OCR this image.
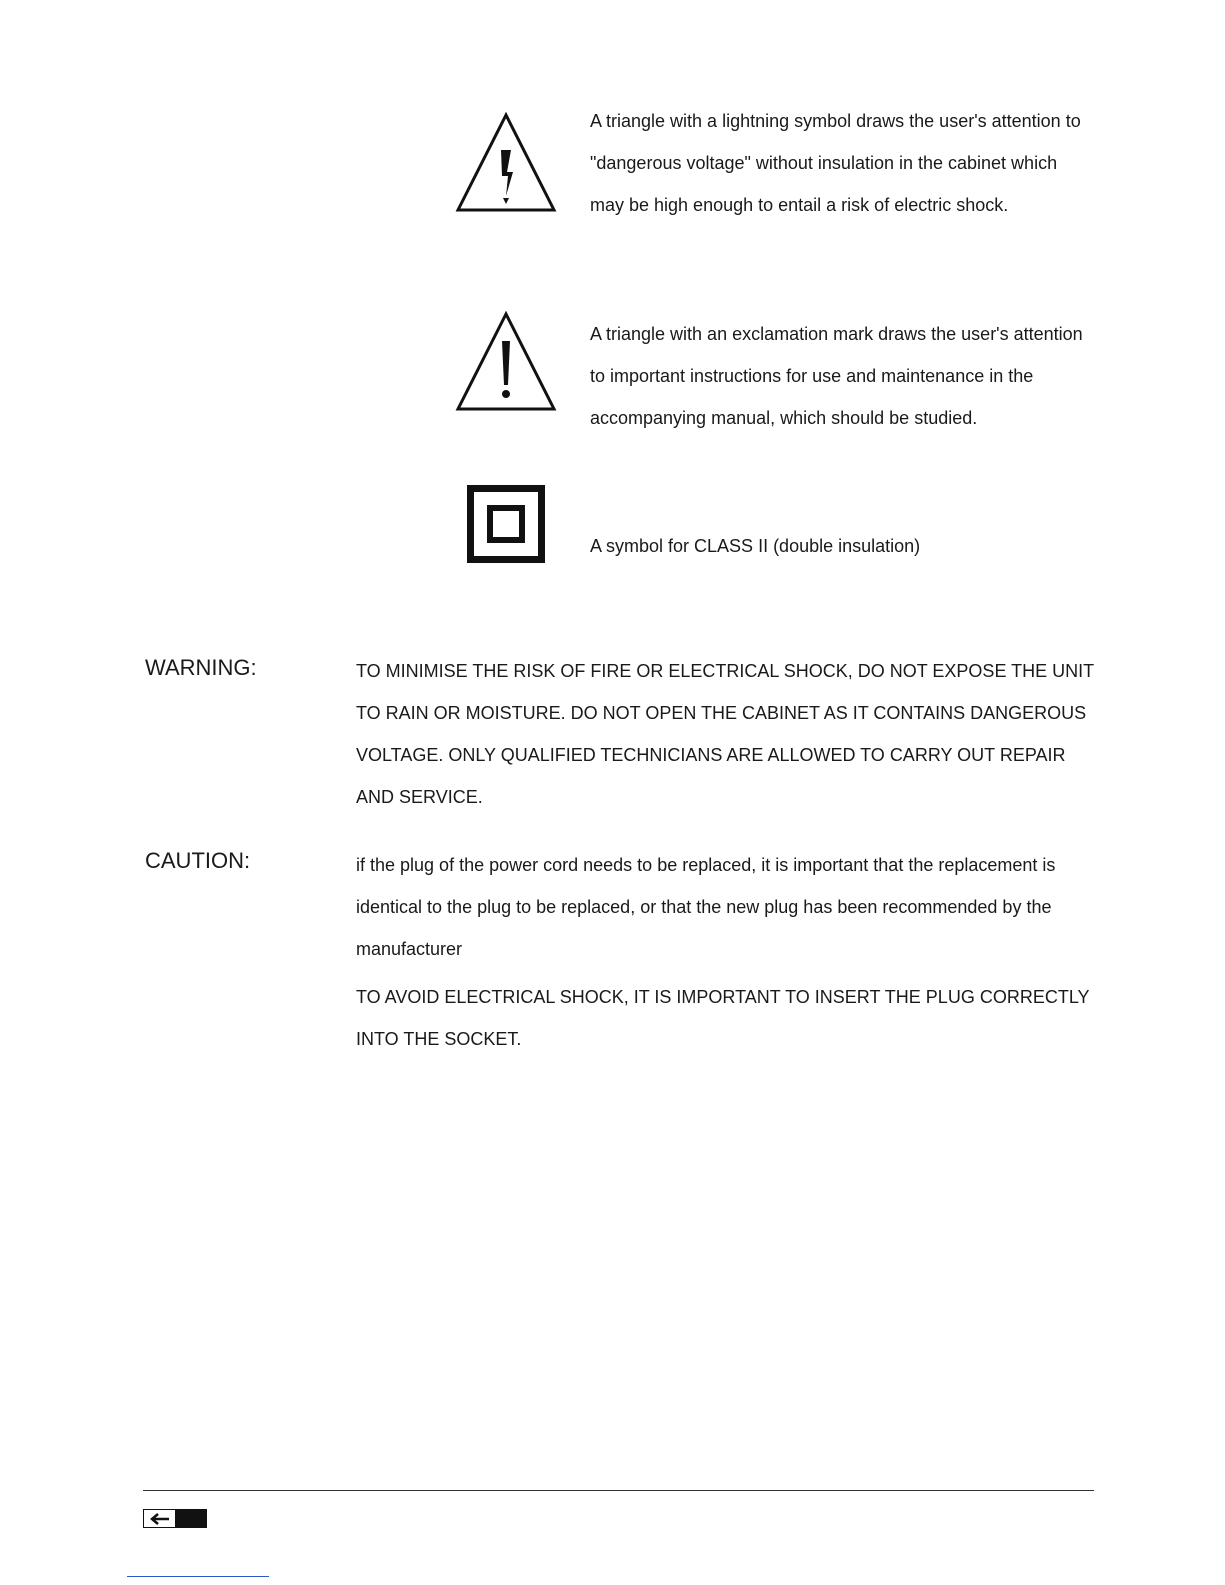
A triangle with a lightning symbol draws the user's attention to "dangerous voltage" without insulation in the cabinet which may be high enough to entail a risk of electric shock.

A triangle with an exclamation mark draws the user's attention to important instructions for use and maintenance in the accompanying manual, which should be studied.

A symbol for CLASS II (double insulation)

WARNING:	TO MINIMISE THE RISK OF FIRE OR ELECTRICAL SHOCK, DO NOT EXPOSE THE UNIT TO RAIN OR MOISTURE. DO NOT OPEN THE CABINET AS IT CONTAINS DANGEROUS VOLTAGE. ONLY QUALIFIED TECHNICIANS ARE ALLOWED TO CARRY OUT REPAIR AND SERVICE.

CAUTION:	if the plug of the power cord needs to be replaced, it is important that the replacement is identical to the plug to be replaced, or that the new plug has been recommended by the manufacturer

TO AVOID ELECTRICAL SHOCK, IT IS IMPORTANT TO INSERT THE PLUG CORRECTLY INTO THE SOCKET.
